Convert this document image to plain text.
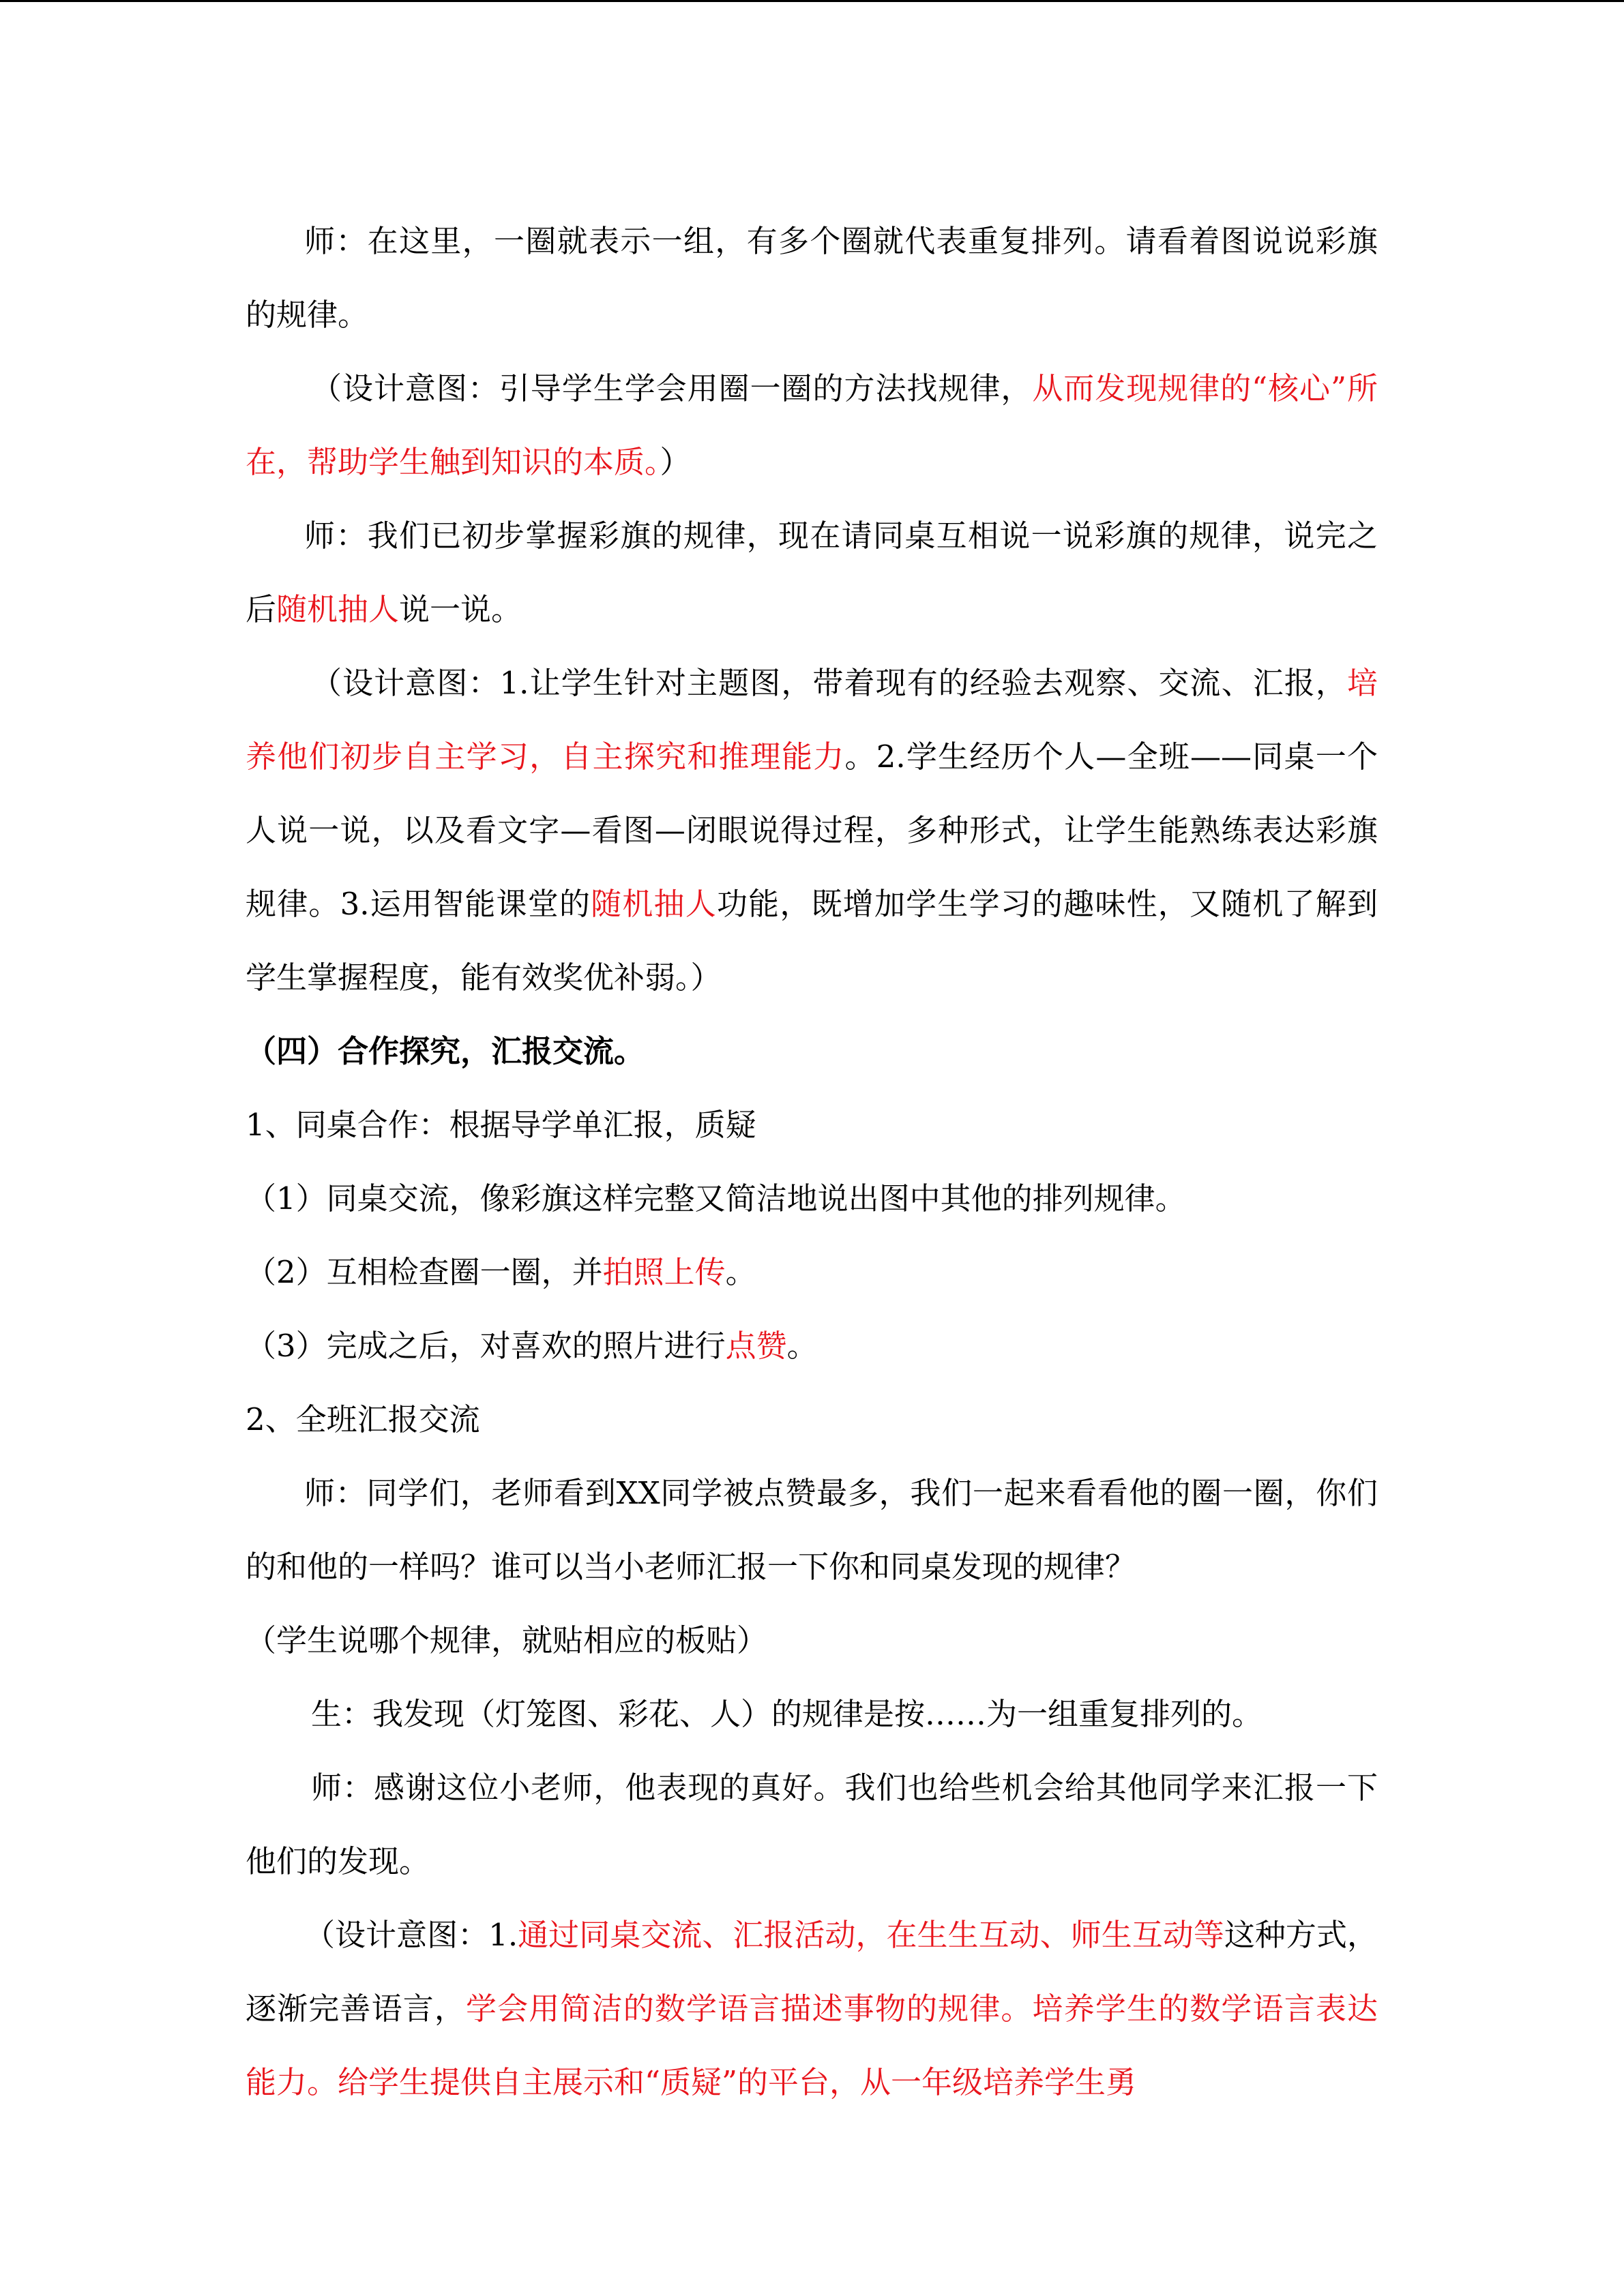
师：在这里，一圈就表示一组，有多个圈就代表重复排列。请看着图说说彩旗的规律。

（设计意图：引导学生学会用圈一圈的方法找规律，从而发现规律的“核心”所在，帮助学生触到知识的本质。）

师：我们已初步掌握彩旗的规律，现在请同桌互相说一说彩旗的规律，说完之后随机抽人说一说。

（设计意图：1.让学生针对主题图，带着现有的经验去观察、交流、汇报，培养他们初步自主学习，自主探究和推理能力。2.学生经历个人—全班——同桌一个人说一说，以及看文字—看图—闭眼说得过程，多种形式，让学生能熟练表达彩旗规律。3.运用智能课堂的随机抽人功能，既增加学生学习的趣味性，又随机了解到学生掌握程度，能有效奖优补弱。）

（四）合作探究，汇报交流。

1、同桌合作：根据导学单汇报，质疑

（1）同桌交流，像彩旗这样完整又简洁地说出图中其他的排列规律。

（2）互相检查圈一圈，并拍照上传。

（3）完成之后，对喜欢的照片进行点赞。

2、全班汇报交流

师：同学们，老师看到XX同学被点赞最多，我们一起来看看他的圈一圈，你们的和他的一样吗？谁可以当小老师汇报一下你和同桌发现的规律？

（学生说哪个规律，就贴相应的板贴）

生：我发现（灯笼图、彩花、人）的规律是按……为一组重复排列的。

师：感谢这位小老师，他表现的真好。我们也给些机会给其他同学来汇报一下他们的发现。

（设计意图：1.通过同桌交流、汇报活动，在生生互动、师生互动等这种方式，逐渐完善语言，学会用简洁的数学语言描述事物的规律。培养学生的数学语言表达能力。给学生提供自主展示和“质疑”的平台，从一年级培养学生勇
